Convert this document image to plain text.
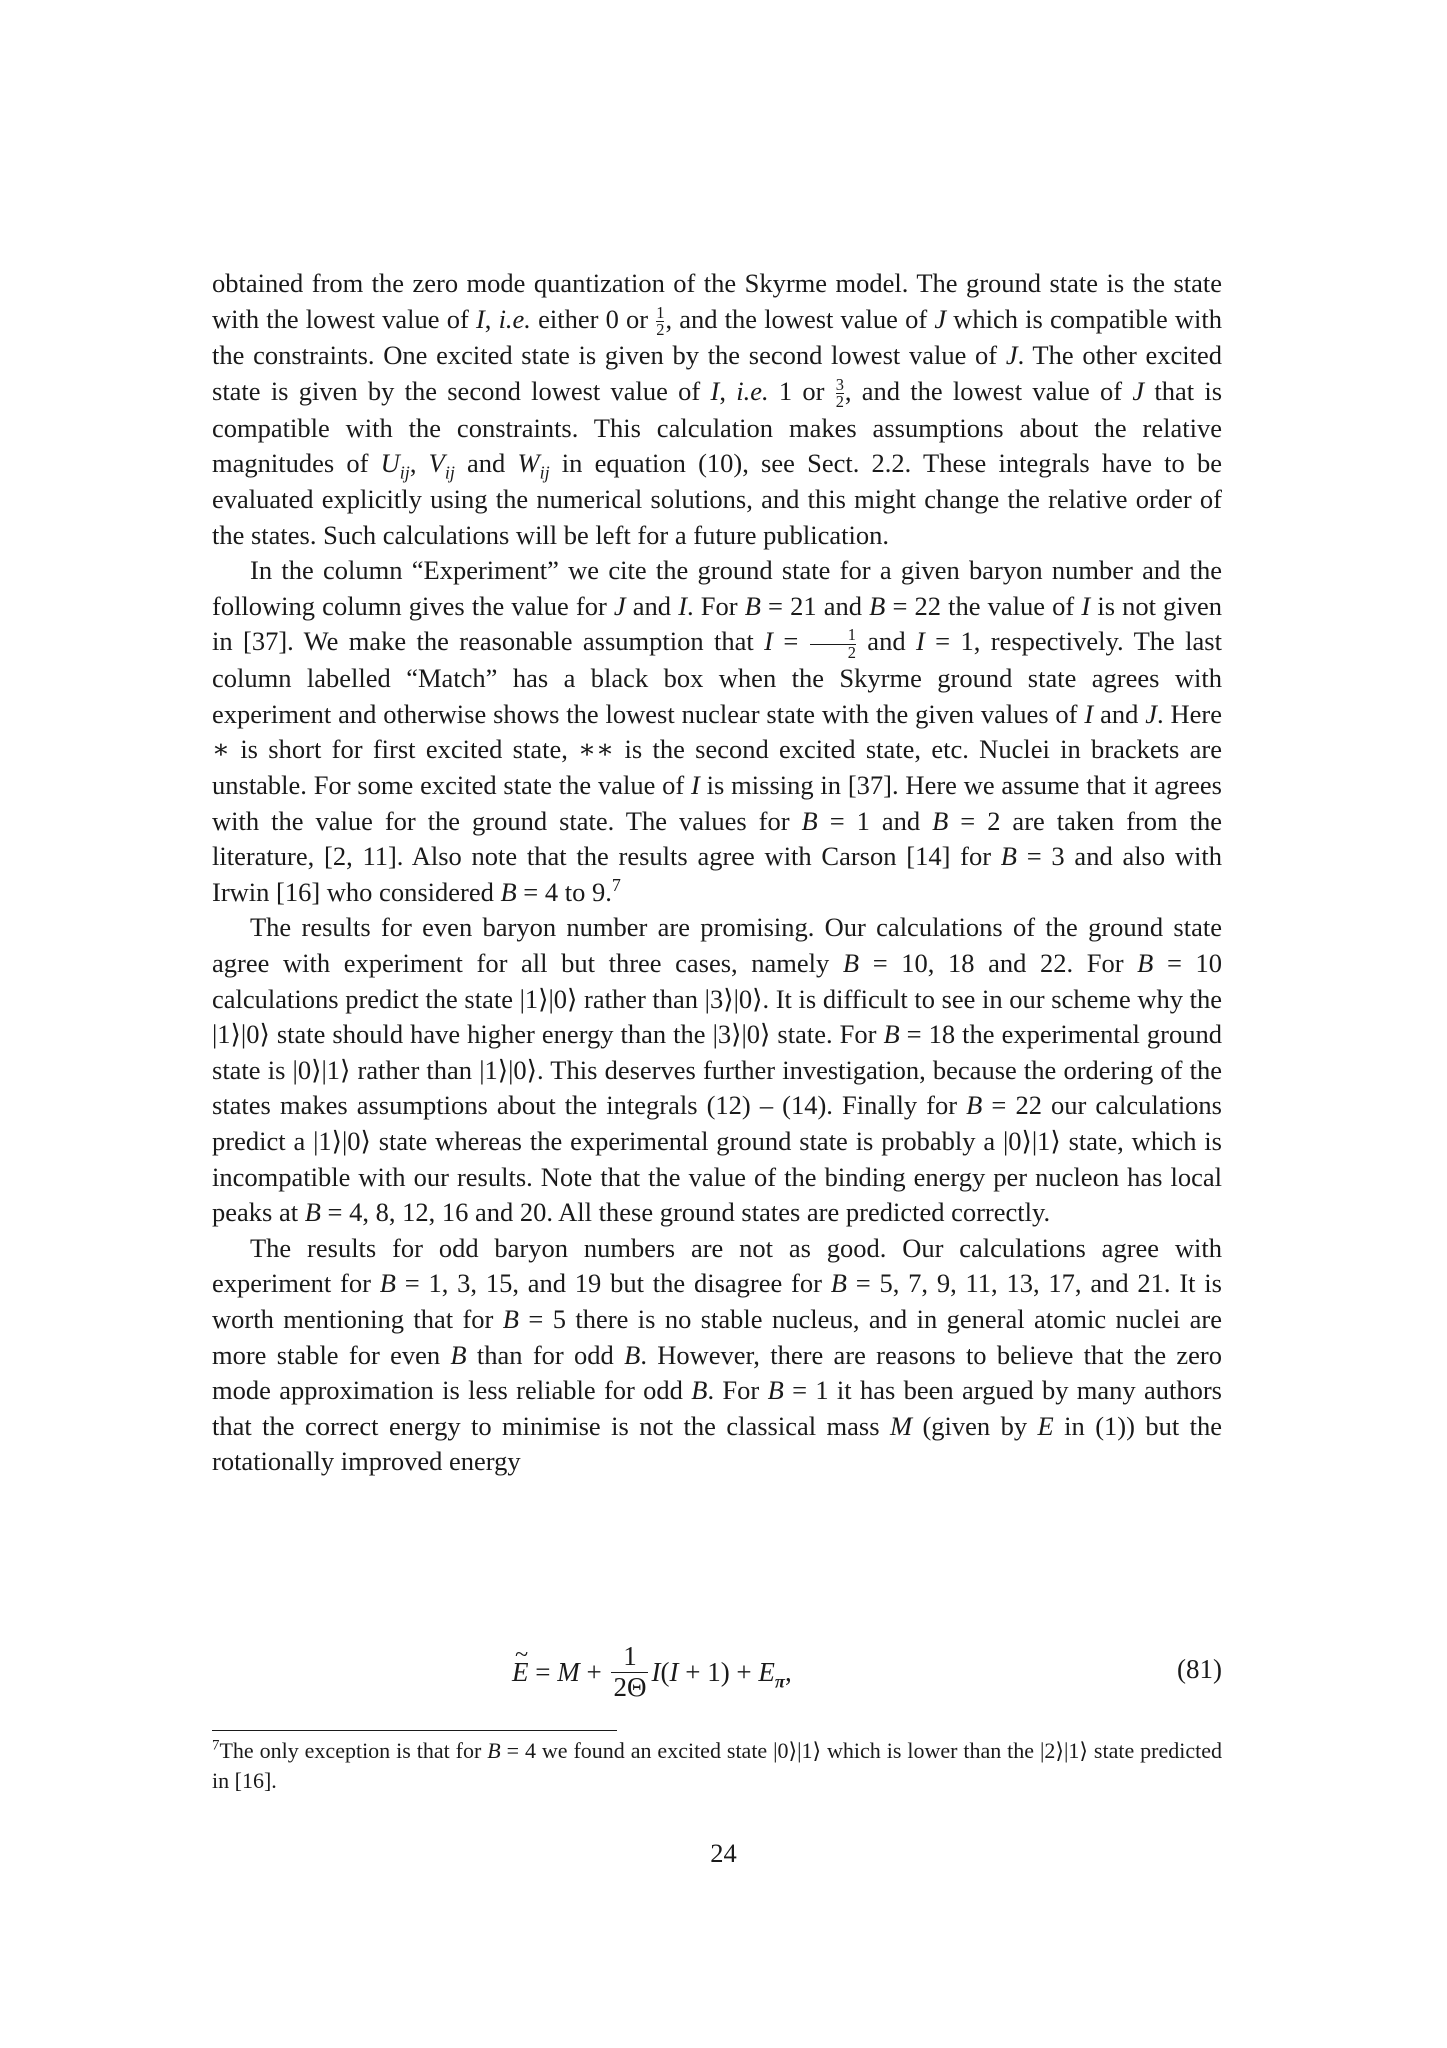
obtained from the zero mode quantization of the Skyrme model. The ground state is the state with the lowest value of I, i.e. either 0 or $\frac{1}{2}$ , and the lowest value of J which is compatible with the constraints. One excited state is given by the second lowest value of J. The other excited state is given by the second lowest value of I, i.e. 1 or $\frac{3}{2}$ , and the lowest value of J that is compatible with the constraints. This calculation makes assumptions about the relative magnitudes of $U_{ij}$, $V_{ij}$ and $W_{ij}$ in equation (10), see Sect. 2.2. These integrals have to be evaluated explicitly using the numerical solutions, and this might change the relative order of the states. Such calculations will be left for a future publication.

In the column “Experiment” we cite the ground state for a given baryon number and the following column gives the value for J and I. For B = 21 and B = 22 the value of I is not given in [37]. We make the reasonable assumption that $I = \frac{1}{2}$ and I = 1, respectively. The last column labelled “Match” has a black box when the Skyrme ground state agrees with experiment and otherwise shows the lowest nuclear state with the given values of I and J. Here ∗ is short for first excited state, ∗∗ is the second excited state, etc. Nuclei in brackets are unstable. For some excited state the value of I is missing in [37]. Here we assume that it agrees with the value for the ground state. The values for B = 1 and B = 2 are taken from the literature, [2, 11]. Also note that the results agree with Carson [14] for B = 3 and also with Irwin [16] who considered B = 4 to 9.$^7$

The results for even baryon number are promising. Our calculations of the ground state agree with experiment for all but three cases, namely B = 10, 18 and 22. For B = 10 calculations predict the state |1⟩|0⟩ rather than |3⟩|0⟩. It is difficult to see in our scheme why the |1⟩|0⟩ state should have higher energy than the |3⟩|0⟩ state. For B = 18 the experimental ground state is |0⟩|1⟩ rather than |1⟩|0⟩. This deserves further investigation, because the ordering of the states makes assumptions about the integrals (12) – (14). Finally for B = 22 our calculations predict a |1⟩|0⟩ state whereas the experimental ground state is probably a |0⟩|1⟩ state, which is incompatible with our results. Note that the value of the binding energy per nucleon has local peaks at B = 4, 8, 12, 16 and 20. All these ground states are predicted correctly.

The results for odd baryon numbers are not as good. Our calculations agree with experiment for B = 1, 3, 15, and 19 but the disagree for B = 5, 7, 9, 11, 13, 17, and 21. It is worth mentioning that for B = 5 there is no stable nucleus, and in general atomic nuclei are more stable for even B than for odd B. However, there are reasons to believe that the zero mode approximation is less reliable for odd B. For B = 1 it has been argued by many authors that the correct energy to minimise is not the classical mass M (given by E in (1)) but the rotationally improved energy

~ $E = M + \frac{1}{2\Theta}$ I ( $I + 1) + E_\pi$ ,	(81)

$^7$The only exception is that for B = 4 we found an excited state |0⟩|1⟩ which is lower than the |2⟩|1⟩ state predicted in [16].

24
